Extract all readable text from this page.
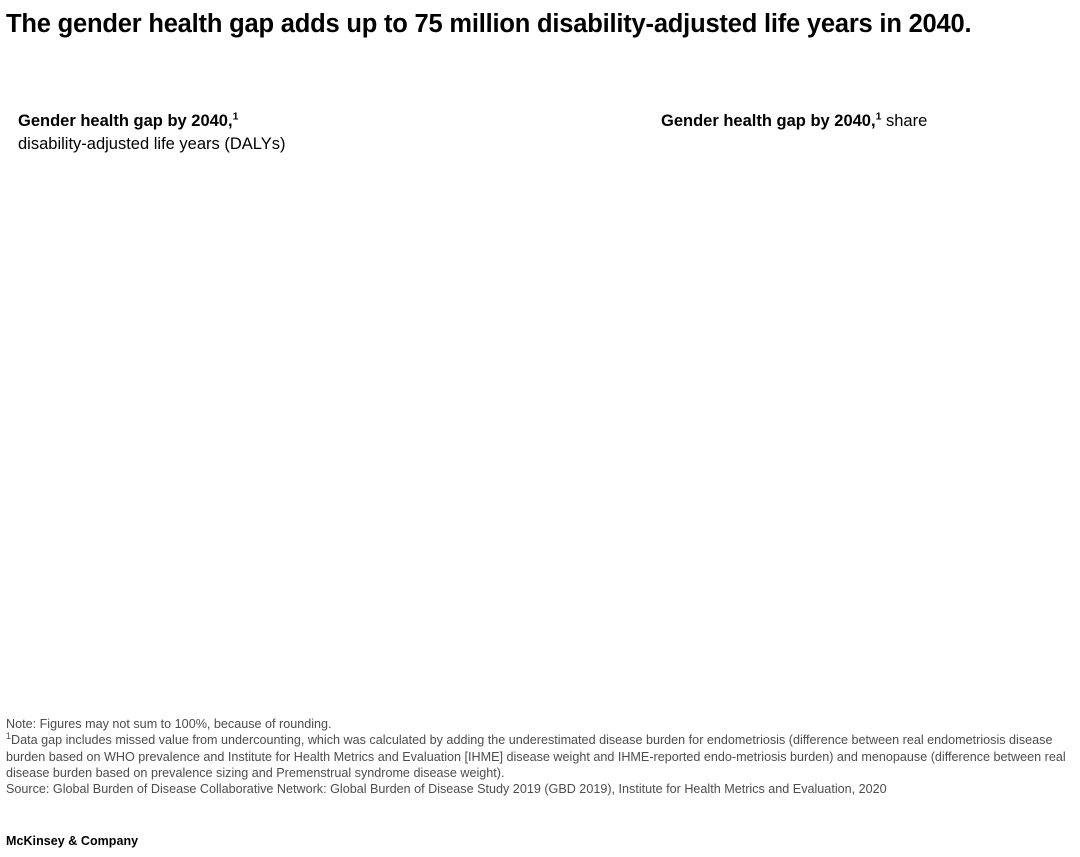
The gender health gap adds up to 75 million disability-adjusted life years in 2040.
Gender health gap by 2040,$^1$
disability-adjusted life years (DALYs)
Gender health gap by 2040,$^1$ share
Note: Figures may not sum to 100%, because of rounding.
$^1$Data gap includes missed value from undercounting, which was calculated by adding the underestimated disease burden for endometriosis (difference between real endometriosis disease burden based on WHO prevalence and Institute for Health Metrics and Evaluation [IHME] disease weight and IHME-reported endo-metriosis burden) and menopause (difference between real disease burden based on prevalence sizing and Premenstrual syndrome disease weight).
Source: Global Burden of Disease Collaborative Network: Global Burden of Disease Study 2019 (GBD 2019), Institute for Health Metrics and Evaluation, 2020
McKinsey & Company
